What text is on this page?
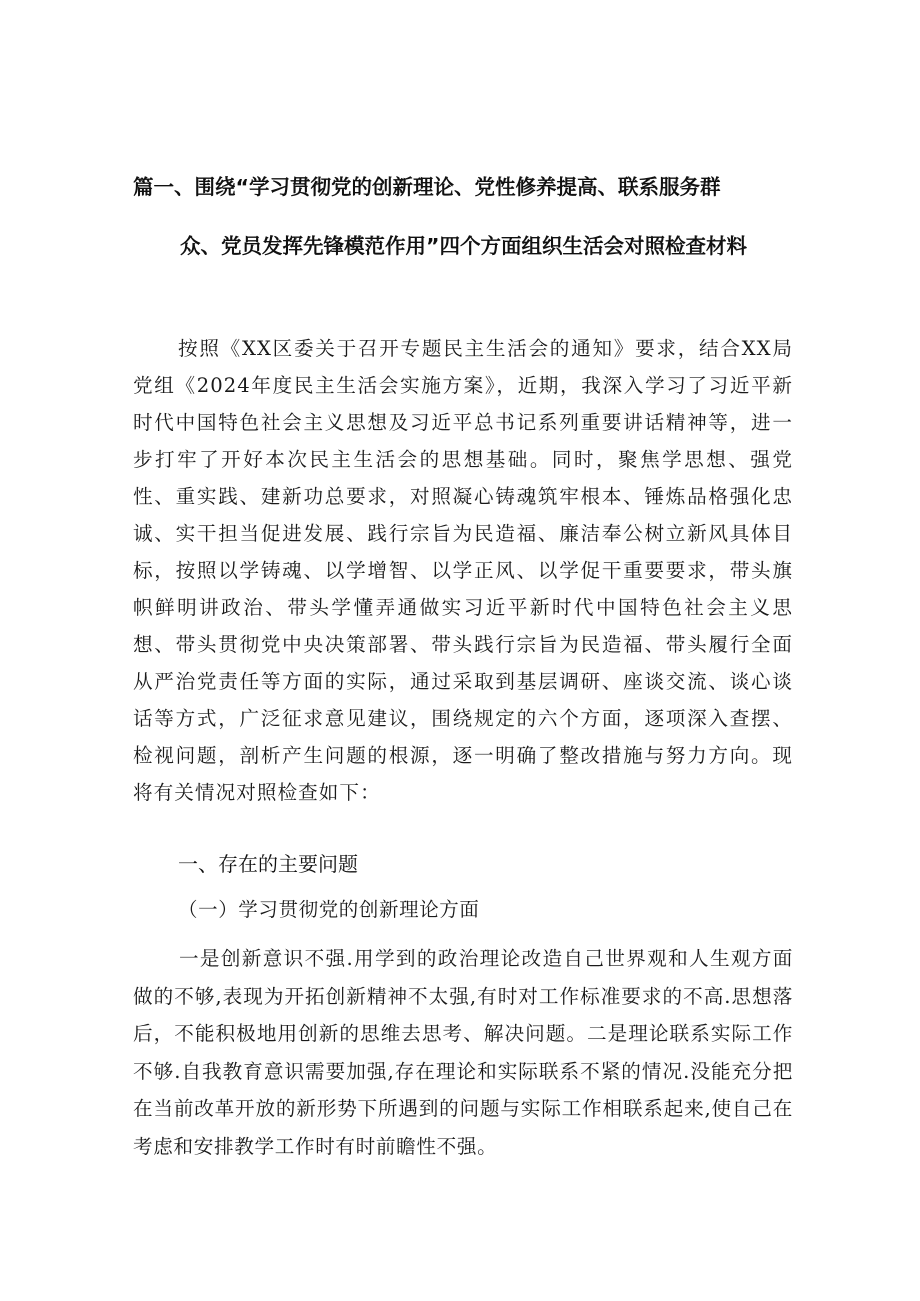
篇一、围绕“学习贯彻党的创新理论、党性修养提高、联系服务群
众、党员发挥先锋模范作用”四个方面组织生活会对照检查材料

按照《XX区委关于召开专题民主生活会的通知》要求，结合XX局党组《2024年度民主生活会实施方案》，近期，我深入学习了习近平新时代中国特色社会主义思想及习近平总书记系列重要讲话精神等，进一步打牢了开好本次民主生活会的思想基础。同时，聚焦学思想、强党性、重实践、建新功总要求，对照凝心铸魂筑牢根本、锤炼品格强化忠诚、实干担当促进发展、践行宗旨为民造福、廉洁奉公树立新风具体目标，按照以学铸魂、以学增智、以学正风、以学促干重要要求，带头旗帜鲜明讲政治、带头学懂弄通做实习近平新时代中国特色社会主义思想、带头贯彻党中央决策部署、带头践行宗旨为民造福、带头履行全面从严治党责任等方面的实际，通过采取到基层调研、座谈交流、谈心谈话等方式，广泛征求意见建议，围绕规定的六个方面，逐项深入查摆、检视问题，剖析产生问题的根源，逐一明确了整改措施与努力方向。现将有关情况对照检查如下：

一、存在的主要问题
（一）学习贯彻党的创新理论方面

一是创新意识不强.用学到的政治理论改造自己世界观和人生观方面做的不够,表现为开拓创新精神不太强,有时对工作标准要求的不高.思想落后，不能积极地用创新的思维去思考、解决问题。二是理论联系实际工作不够.自我教育意识需要加强,存在理论和实际联系不紧的情况.没能充分把在当前改革开放的新形势下所遇到的问题与实际工作相联系起来,使自己在考虑和安排教学工作时有时前瞻性不强。
